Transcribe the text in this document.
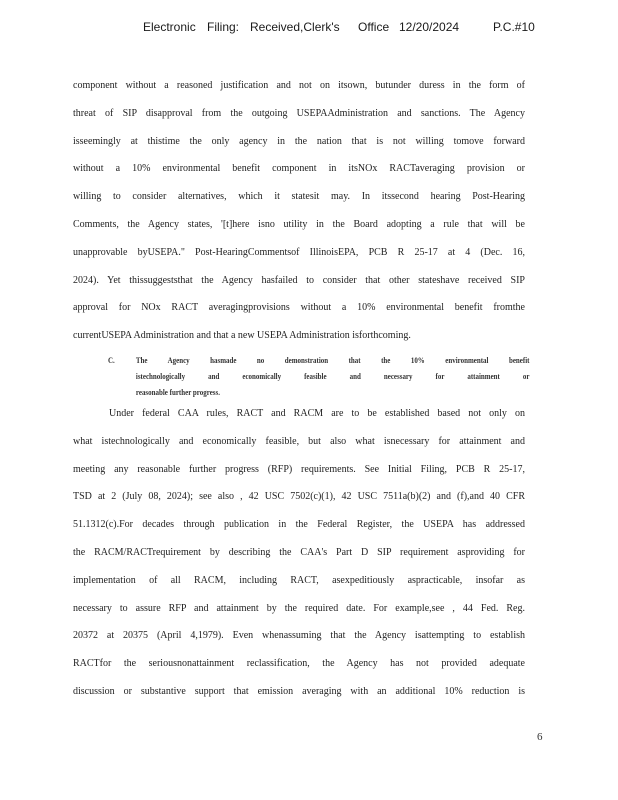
Electronic Filing: Received,Clerk's Office 12/20/2024	P.C.#10
component without a reasoned justification and not on itsown, butunder duress in the form of
threat of SIP disapproval from the outgoing USEPAAdministration and sanctions. The Agency
isseemingly at thistime the only agency in the nation that is not willing tomove forward
without a 10% environmental benefit component in itsNOx RACTaveraging provision or
willing to consider alternatives, which it statesit may. In itssecond hearing Post-Hearing
Comments, the Agency states, '[t]here isno utility in the Board adopting a rule that will be
unapprovable byUSEPA." Post-HearingCommentsof IllinoisEPA, PCB R 25-17 at 4 (Dec. 16,
2024). Yet thissuggeststhat the Agency hasfailed to consider that other stateshave received SIP
approval for NOx RACT averagingprovisions without a 10% environmental benefit fromthe
currentUSEPA Administration and that a new USEPA Administration isforthcoming.
C. The Agency hasmade no demonstration that the 10% environmental benefit
istechnologically and economically feasible and necessary for attainment or
reasonable further progress.
Under federal CAA rules, RACT and RACM are to be established based not only on
what istechnologically and economically feasible, but also what isnecessary for attainment and
meeting any reasonable further progress (RFP) requirements. See Initial Filing, PCB R 25-17,
TSD at 2 (July 08, 2024); see also , 42 USC 7502(c)(1), 42 USC 7511a(b)(2) and (f),and 40 CFR
51.1312(c).For decades through publication in the Federal Register, the USEPA has addressed
the RACM/RACTrequirement by describing the CAA's Part D SIP requirement asproviding for
implementation of all RACM, including RACT, asexpeditiously aspracticable, insofar as
necessary to assure RFP and attainment by the required date. For example,see , 44 Fed. Reg.
20372 at 20375 (April 4,1979). Even whenassuming that the Agency isattempting to establish
RACTfor the seriousnonattainment reclassification, the Agency has not provided adequate
discussion or substantive support that emission averaging with an additional 10% reduction is
6
